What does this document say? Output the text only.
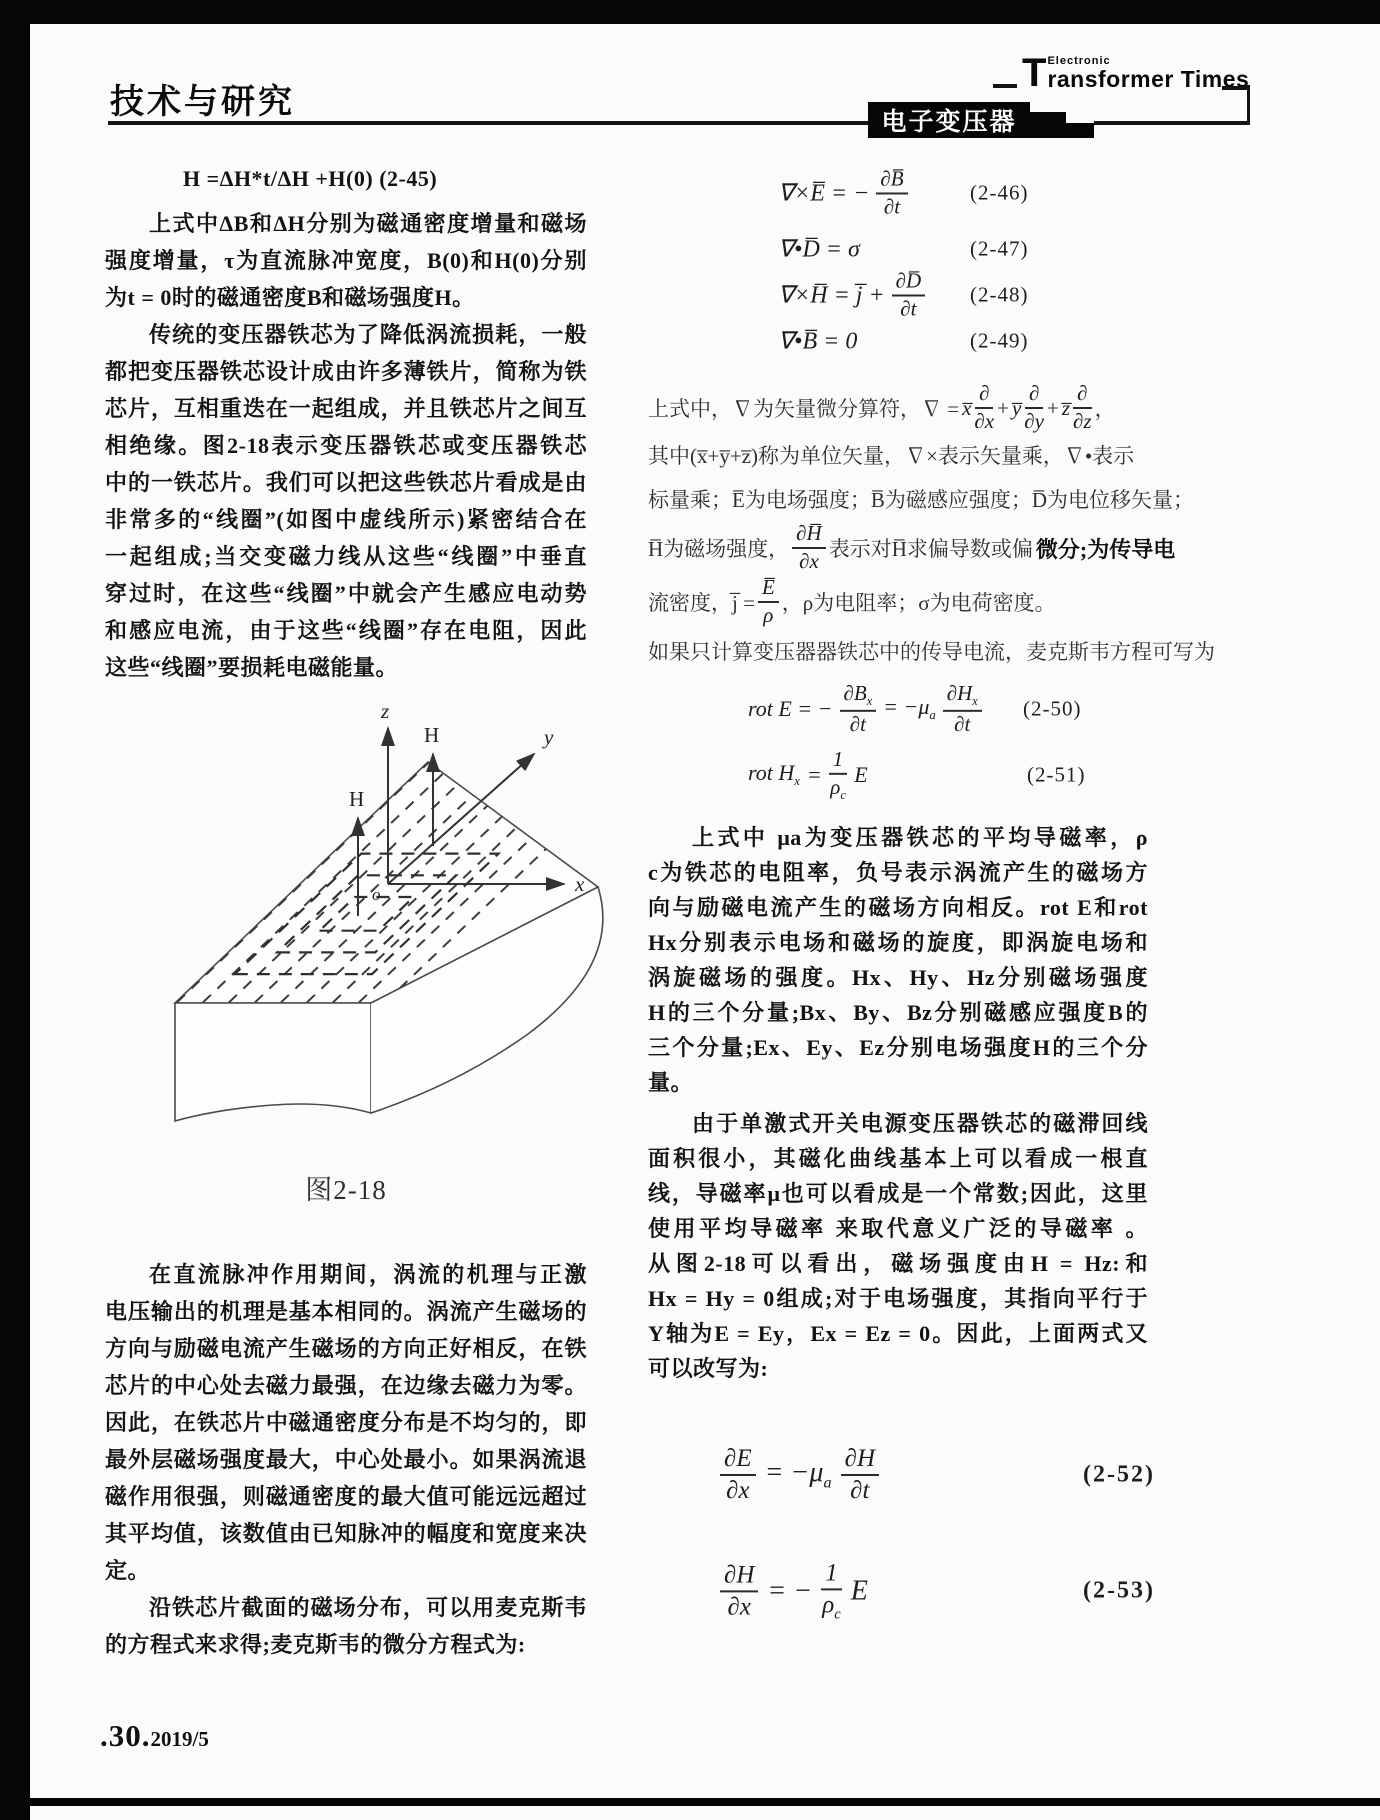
技术与研究
电子变压器
T Electronic
ransformer Times
H =ΔH*t/ΔH +H(0) (2-45)
上式中ΔB和ΔH分别为磁通密度增量和磁场
强度增量，τ为直流脉冲宽度，B(0)和H(0)分别
为t = 0时的磁通密度B和磁场强度H。
传统的变压器铁芯为了降低涡流损耗，一般
都把变压器铁芯设计成由许多薄铁片，简称为铁
芯片，互相重迭在一起组成，并且铁芯片之间互
相绝缘。图2-18表示变压器铁芯或变压器铁芯
中的一铁芯片。我们可以把这些铁芯片看成是由
非常多的“线圈”(如图中虚线所示)紧密结合在
一起组成;当交变磁力线从这些“线圈”中垂直
穿过时，在这些“线圈”中就会产生感应电动势
和感应电流，由于这些“线圈”存在电阻，因此
这些“线圈”要损耗电磁能量。
z
y
x
o
H
H
图2-18
在直流脉冲作用期间，涡流的机理与正激
电压输出的机理是基本相同的。涡流产生磁场的
方向与励磁电流产生磁场的方向正好相反，在铁
芯片的中心处去磁力最强，在边缘去磁力为零。
因此，在铁芯片中磁通密度分布是不均匀的，即
最外层磁场强度最大，中心处最小。如果涡流退
磁作用很强，则磁通密度的最大值可能远远超过
其平均值，该数值由已知脉冲的幅度和宽度来决
定。
沿铁芯片截面的磁场分布，可以用麦克斯韦
的方程式来求得;麦克斯韦的微分方程式为:
∇×E̅ = − $\frac{\partial B̅}{\partial t}$	(2-46)
∇•D̅ = σ	(2-47)
∇×H̅ = j̅ + $\frac{\partial D̅}{\partial t} (2-48)$
∇•B̅ = 0	(2-49)
上式中，∇为矢量微分算符，∇ = x̅ $\frac{\partial}{\partial x}$ + y̅ $\frac{\partial}{\partial y}$ + z̅ $\frac{\partial}{\partial z}$ ，
其中(x̅+y̅+z̅)称为单位矢量，∇×表示矢量乘，∇•表示
标量乘；E̅为电场强度；B̅为磁感应强度；D̅为电位移矢量；
H̅为磁场强度， $\frac{\partial H̅}{\partial x}$ 表示对H̅求偏导数或偏 微分;为传导电
流密度，j̅ = $\frac{E̅}{\rho}$ ，ρ为电阻率；σ为电荷密度。
如果只计算变压器器铁芯中的传导电流，麦克斯韦方程可写为
rot E = − $\frac{\partial B_x}{\partial t} = -\mu_a \frac{\partial H_x}{\partial t} (2-50)$
rot $H_x = \frac{1}{\rho_c}$ E	(2-51)
上式中 μa为变压器铁芯的平均导磁率，ρ
c为铁芯的电阻率，负号表示涡流产生的磁场方
向与励磁电流产生的磁场方向相反。rot E和rot
Hx分别表示电场和磁场的旋度，即涡旋电场和
涡旋磁场的强度。Hx、Hy、Hz分别磁场强度
H的三个分量;Bx、By、Bz分别磁感应强度B的
三个分量;Ex、Ey、Ez分别电场强度H的三个分
量。
由于单激式开关电源变压器铁芯的磁滞回线
面积很小，其磁化曲线基本上可以看成一根直
线，导磁率μ也可以看成是一个常数;因此，这里
使用平均导磁率 来取代意义广泛的导磁率 。
从图2-18可以看出，磁场强度由H = Hz:和
Hx = Hy = 0组成;对于电场强度，其指向平行于
Y轴为E = Ey，Ex = Ez = 0。因此，上面两式又
可以改写为:
$\frac{\partial E}{\partial x} = -\mu_a \frac{\partial H}{\partial t}$	(2-52)
$\frac{\partial H}{\partial x}$ = − $\frac{1}{\rho_c}$ E	(2-53)
.30.2019/5
